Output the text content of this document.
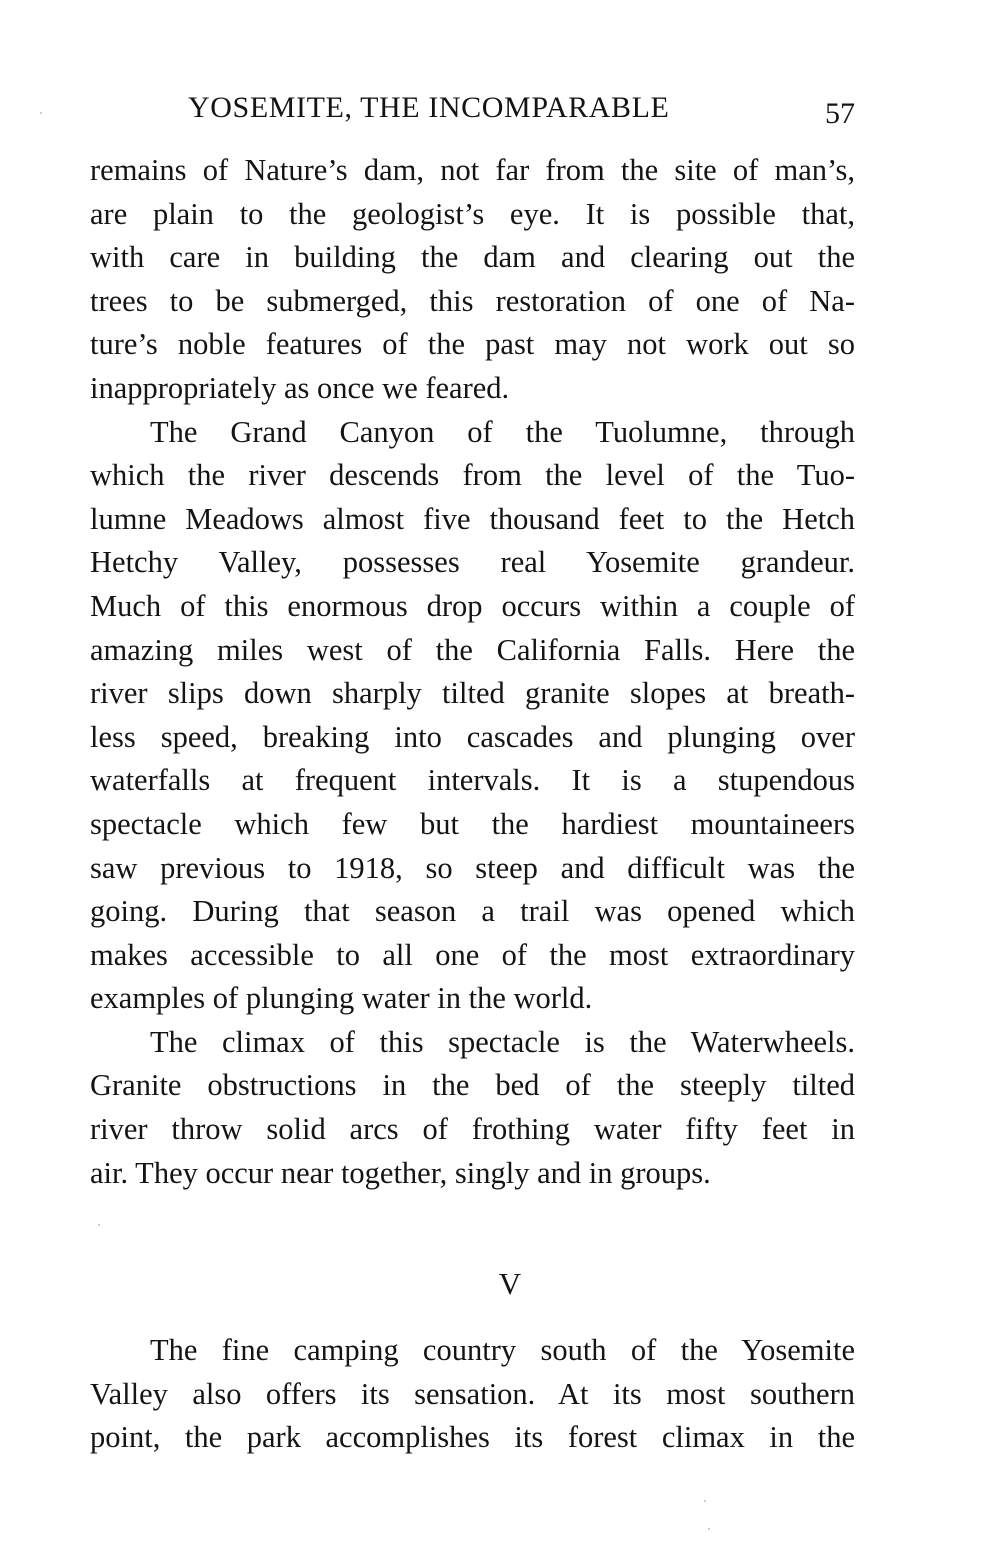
YOSEMITE, THE INCOMPARABLE	57

remains of Nature’s dam, not far from the site of man’s,
are plain to the geologist’s eye. It is possible that,
with care in building the dam and clearing out the
trees to be submerged, this restoration of one of Na-
ture’s noble features of the past may not work out so
inappropriately as once we feared.

The Grand Canyon of the Tuolumne, through
which the river descends from the level of the Tuo-
lumne Meadows almost five thousand feet to the Hetch
Hetchy Valley, possesses real Yosemite grandeur.
Much of this enormous drop occurs within a couple of
amazing miles west of the California Falls. Here the
river slips down sharply tilted granite slopes at breath-
less speed, breaking into cascades and plunging over
waterfalls at frequent intervals. It is a stupendous
spectacle which few but the hardiest mountaineers
saw previous to 1918, so steep and difficult was the
going. During that season a trail was opened which
makes accessible to all one of the most extraordinary
examples of plunging water in the world.

The climax of this spectacle is the Waterwheels.
Granite obstructions in the bed of the steeply tilted
river throw solid arcs of frothing water fifty feet in
air. They occur near together, singly and in groups.

V

The fine camping country south of the Yosemite
Valley also offers its sensation. At its most southern
point, the park accomplishes its forest climax in the
